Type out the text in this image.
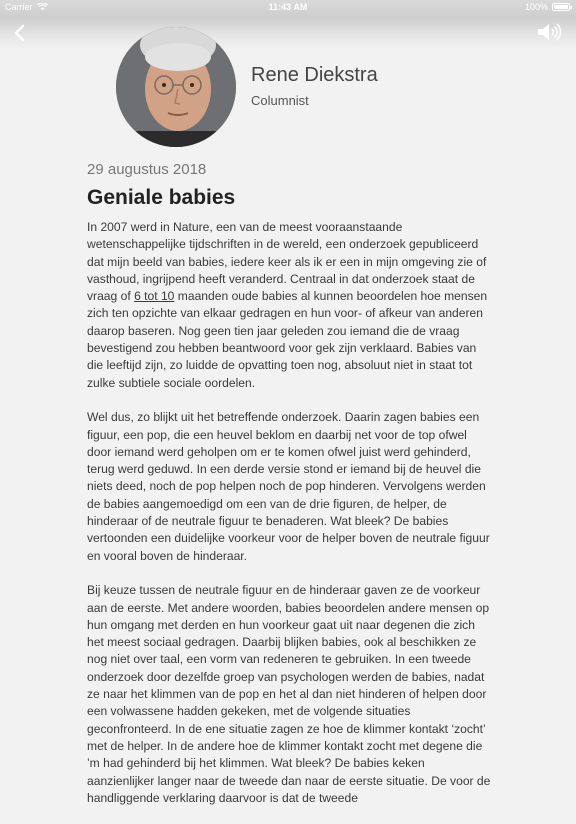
Carrier	11:43 AM	100%
Rene Diekstra
Columnist
29 augustus 2018
Geniale babies

In 2007 werd in Nature, een van de meest vooraanstaande wetenschappelijke tijdschriften in de wereld, een onderzoek gepubliceerd dat mijn beeld van babies, iedere keer als ik er een in mijn omgeving zie of vasthoud, ingrijpend heeft veranderd. Centraal in dat onderzoek staat de vraag of 6 tot 10 maanden oude babies al kunnen beoordelen hoe mensen zich ten opzichte van elkaar gedragen en hun voor- of afkeur van anderen daarop baseren. Nog geen tien jaar geleden zou iemand die de vraag bevestigend zou hebben beantwoord voor gek zijn verklaard. Babies van die leeftijd zijn, zo luidde de opvatting toen nog, absoluut niet in staat tot zulke subtiele sociale oordelen.

Wel dus, zo blijkt uit het betreffende onderzoek. Daarin zagen babies een figuur, een pop, die een heuvel beklom en daarbij net voor de top ofwel door iemand werd geholpen om er te komen ofwel juist werd gehinderd, terug werd geduwd. In een derde versie stond er iemand bij de heuvel die niets deed, noch de pop helpen noch de pop hinderen. Vervolgens werden de babies aangemoedigd om een van de drie figuren, de helper, de hinderaar of de neutrale figuur te benaderen. Wat bleek? De babies vertoonden een duidelijke voorkeur voor de helper boven de neutrale figuur en vooral boven de hinderaar.

Bij keuze tussen de neutrale figuur en de hinderaar gaven ze de voorkeur aan de eerste. Met andere woorden, babies beoordelen andere mensen op hun omgang met derden en hun voorkeur gaat uit naar degenen die zich het meest sociaal gedragen. Daarbij blijken babies, ook al beschikken ze nog niet over taal, een vorm van redeneren te gebruiken. In een tweede onderzoek door dezelfde groep van psychologen werden de babies, nadat ze naar het klimmen van de pop en het al dan niet hinderen of helpen door een volwassene hadden gekeken, met de volgende situaties geconfronteerd. In de ene situatie zagen ze hoe de klimmer kontakt ‘zocht’ met de helper. In de andere hoe de klimmer kontakt zocht met degene die ’m had gehinderd bij het klimmen. Wat bleek? De babies keken aanzienlijker langer naar de tweede dan naar de eerste situatie. De voor de handliggende verklaring daarvoor is dat de tweede
